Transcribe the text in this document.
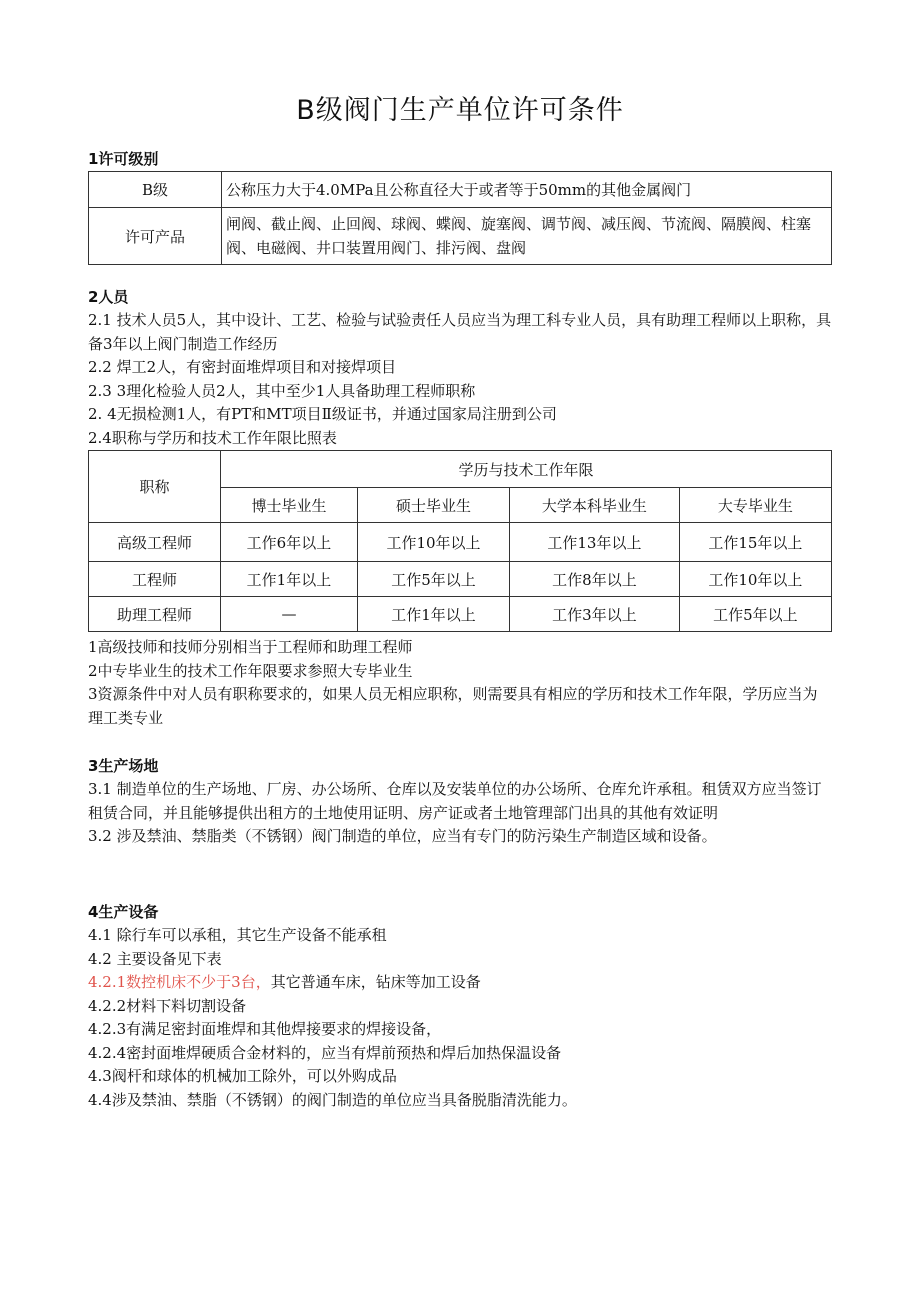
B级阀门生产单位许可条件
1许可级别
B级	公称压力大于4.0MPa且公称直径大于或者等于50mm的其他金属阀门
许可产品	闸阀、截止阀、止回阀、球阀、蝶阀、旋塞阀、调节阀、减压阀、节流阀、隔膜阀、柱塞阀、电磁阀、井口装置用阀门、排污阀、盘阀
2人员
2.1 技术人员5人，其中设计、工艺、检验与试验责任人员应当为理工科专业人员，具有助理工程师以上职称，具备3年以上阀门制造工作经历
2.2 焊工2人，有密封面堆焊项目和对接焊项目
2.3 3理化检验人员2人，其中至少1人具备助理工程师职称
2. 4无损检测1人，有PT和MT项目Ⅱ级证书，并通过国家局注册到公司
2.4职称与学历和技术工作年限比照表
职称	学历与技术工作年限			
	博士毕业生	硕士毕业生	大学本科毕业生	大专毕业生
高级工程师	工作6年以上	工作10年以上	工作13年以上	工作15年以上
工程师	工作1年以上	工作5年以上	工作8年以上	工作10年以上
助理工程师	—	工作1年以上	工作3年以上	工作5年以上
1高级技师和技师分别相当于工程师和助理工程师
2中专毕业生的技术工作年限要求参照大专毕业生
3资源条件中对人员有职称要求的，如果人员无相应职称，则需要具有相应的学历和技术工作年限，学历应当为理工类专业
3生产场地
3.1 制造单位的生产场地、厂房、办公场所、仓库以及安装单位的办公场所、仓库允许承租。租赁双方应当签订租赁合同，并且能够提供出租方的土地使用证明、房产证或者土地管理部门出具的其他有效证明
3.2 涉及禁油、禁脂类（不锈钢）阀门制造的单位，应当有专门的防污染生产制造区域和设备。
4生产设备
4.1 除行车可以承租，其它生产设备不能承租
4.2 主要设备见下表
4.2.1数控机床不少于3台，其它普通车床，钻床等加工设备
4.2.2材料下料切割设备
4.2.3有满足密封面堆焊和其他焊接要求的焊接设备，
4.2.4密封面堆焊硬质合金材料的，应当有焊前预热和焊后加热保温设备
4.3阀杆和球体的机械加工除外，可以外购成品
4.4涉及禁油、禁脂（不锈钢）的阀门制造的单位应当具备脱脂清洗能力。
